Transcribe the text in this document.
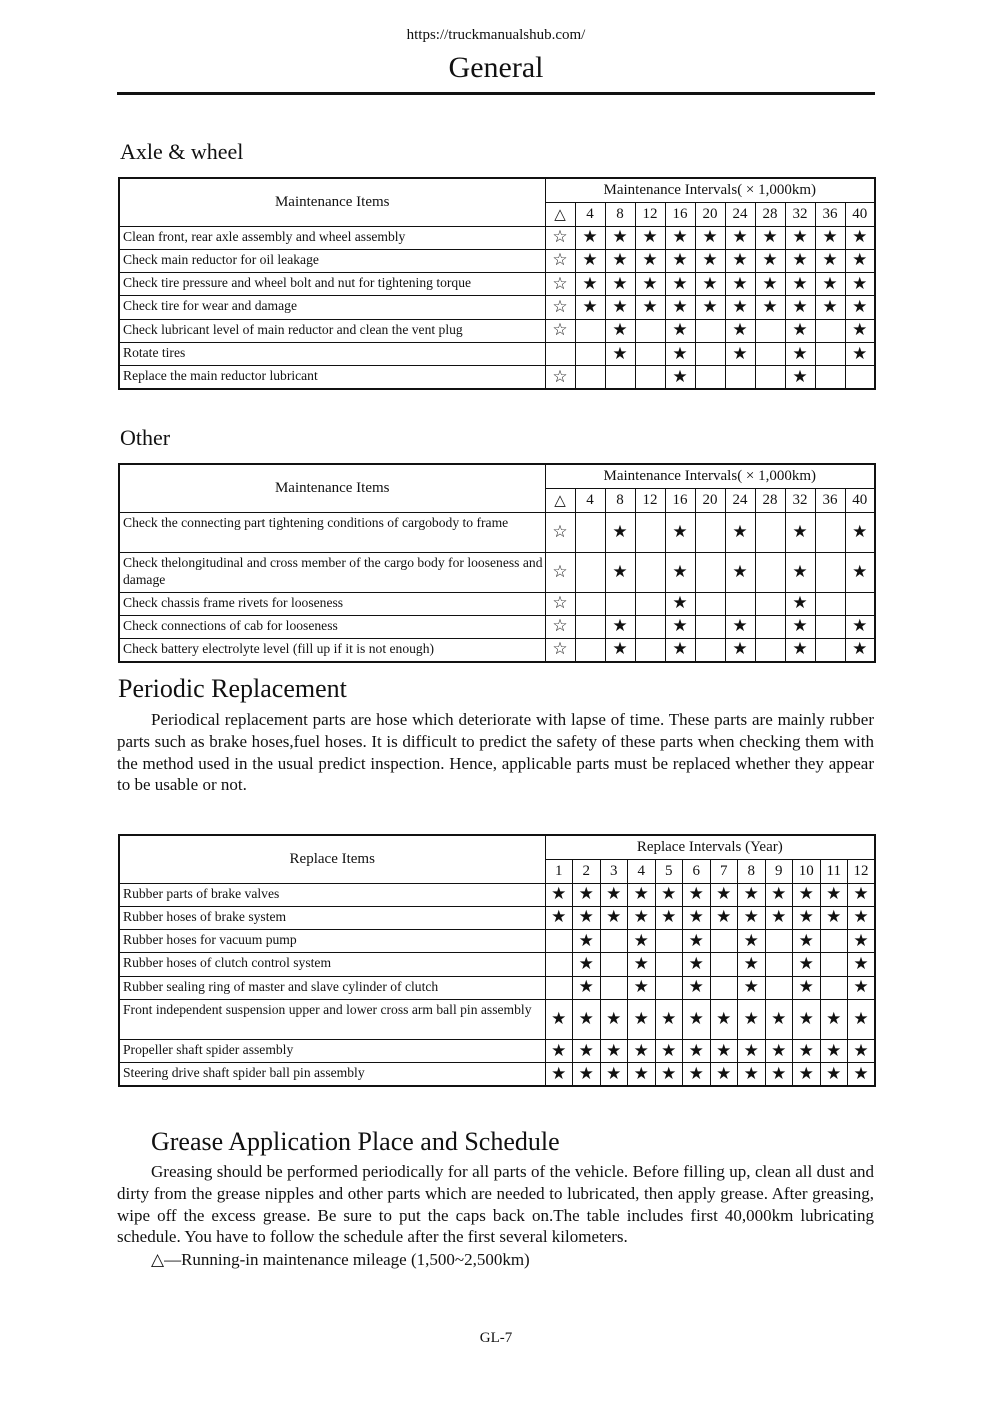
https://truckmanualshub.com/
General
Axle & wheel
Maintenance Items	Maintenance Intervals( × 1,000km)										
	△	4	8	12	16	20	24	28	32	36	40
Clean front, rear axle assembly and wheel assembly	☆	★	★	★	★	★	★	★	★	★	★
Check main reductor for oil leakage	☆	★	★	★	★	★	★	★	★	★	★
Check tire pressure and wheel bolt and nut for tightening torque	☆	★	★	★	★	★	★	★	★	★	★
Check tire for wear and damage	☆	★	★	★	★	★	★	★	★	★	★
Check lubricant level of main reductor and clean the vent plug	☆		★		★		★		★		★
Rotate tires			★		★		★		★		★
Replace the main reductor lubricant	☆				★				★		
Other
Maintenance Items	Maintenance Intervals( × 1,000km)										
	△	4	8	12	16	20	24	28	32	36	40
Check the connecting part tightening conditions of cargobody to frame	☆		★		★		★		★		★
Check thelongitudinal and cross member of the cargo body for looseness and damage	☆		★		★		★		★		★
Check chassis frame rivets for looseness	☆				★				★		
Check connections of cab for looseness	☆		★		★		★		★		★
Check battery electrolyte level (fill up if it is not enough)	☆		★		★		★		★		★
Periodic Replacement
Periodical replacement parts are hose which deteriorate with lapse of time. These parts are mainly rubber parts such as brake hoses,fuel hoses. It is difficult to predict the safety of these parts when checking them with the method used in the usual predict inspection. Hence, applicable parts must be replaced whether they appear to be usable or not.
Replace Items	Replace Intervals (Year)											
	1	2	3	4	5	6	7	8	9	10	11	12
Rubber parts of brake valves	★	★	★	★	★	★	★	★	★	★	★	★
Rubber hoses of brake system	★	★	★	★	★	★	★	★	★	★	★	★
Rubber hoses for vacuum pump		★		★		★		★		★		★
Rubber hoses of clutch control system		★		★		★		★		★		★
Rubber sealing ring of master and slave cylinder of clutch		★		★		★		★		★		★
Front independent suspension upper and lower cross arm ball pin assembly	★	★	★	★	★	★	★	★	★	★	★	★
Propeller shaft spider assembly	★	★	★	★	★	★	★	★	★	★	★	★
Steering drive shaft spider ball pin assembly	★	★	★	★	★	★	★	★	★	★	★	★
Grease Application Place and Schedule
Greasing should be performed periodically for all parts of the vehicle. Before filling up, clean all dust and dirty from the grease nipples and other parts which are needed to lubricated, then apply grease. After greasing, wipe off the excess grease. Be sure to put the caps back on.The table includes first 40,000km lubricating schedule. You have to follow the schedule after the first several kilometers.
△—Running-in maintenance mileage (1,500~2,500km)
GL-7
